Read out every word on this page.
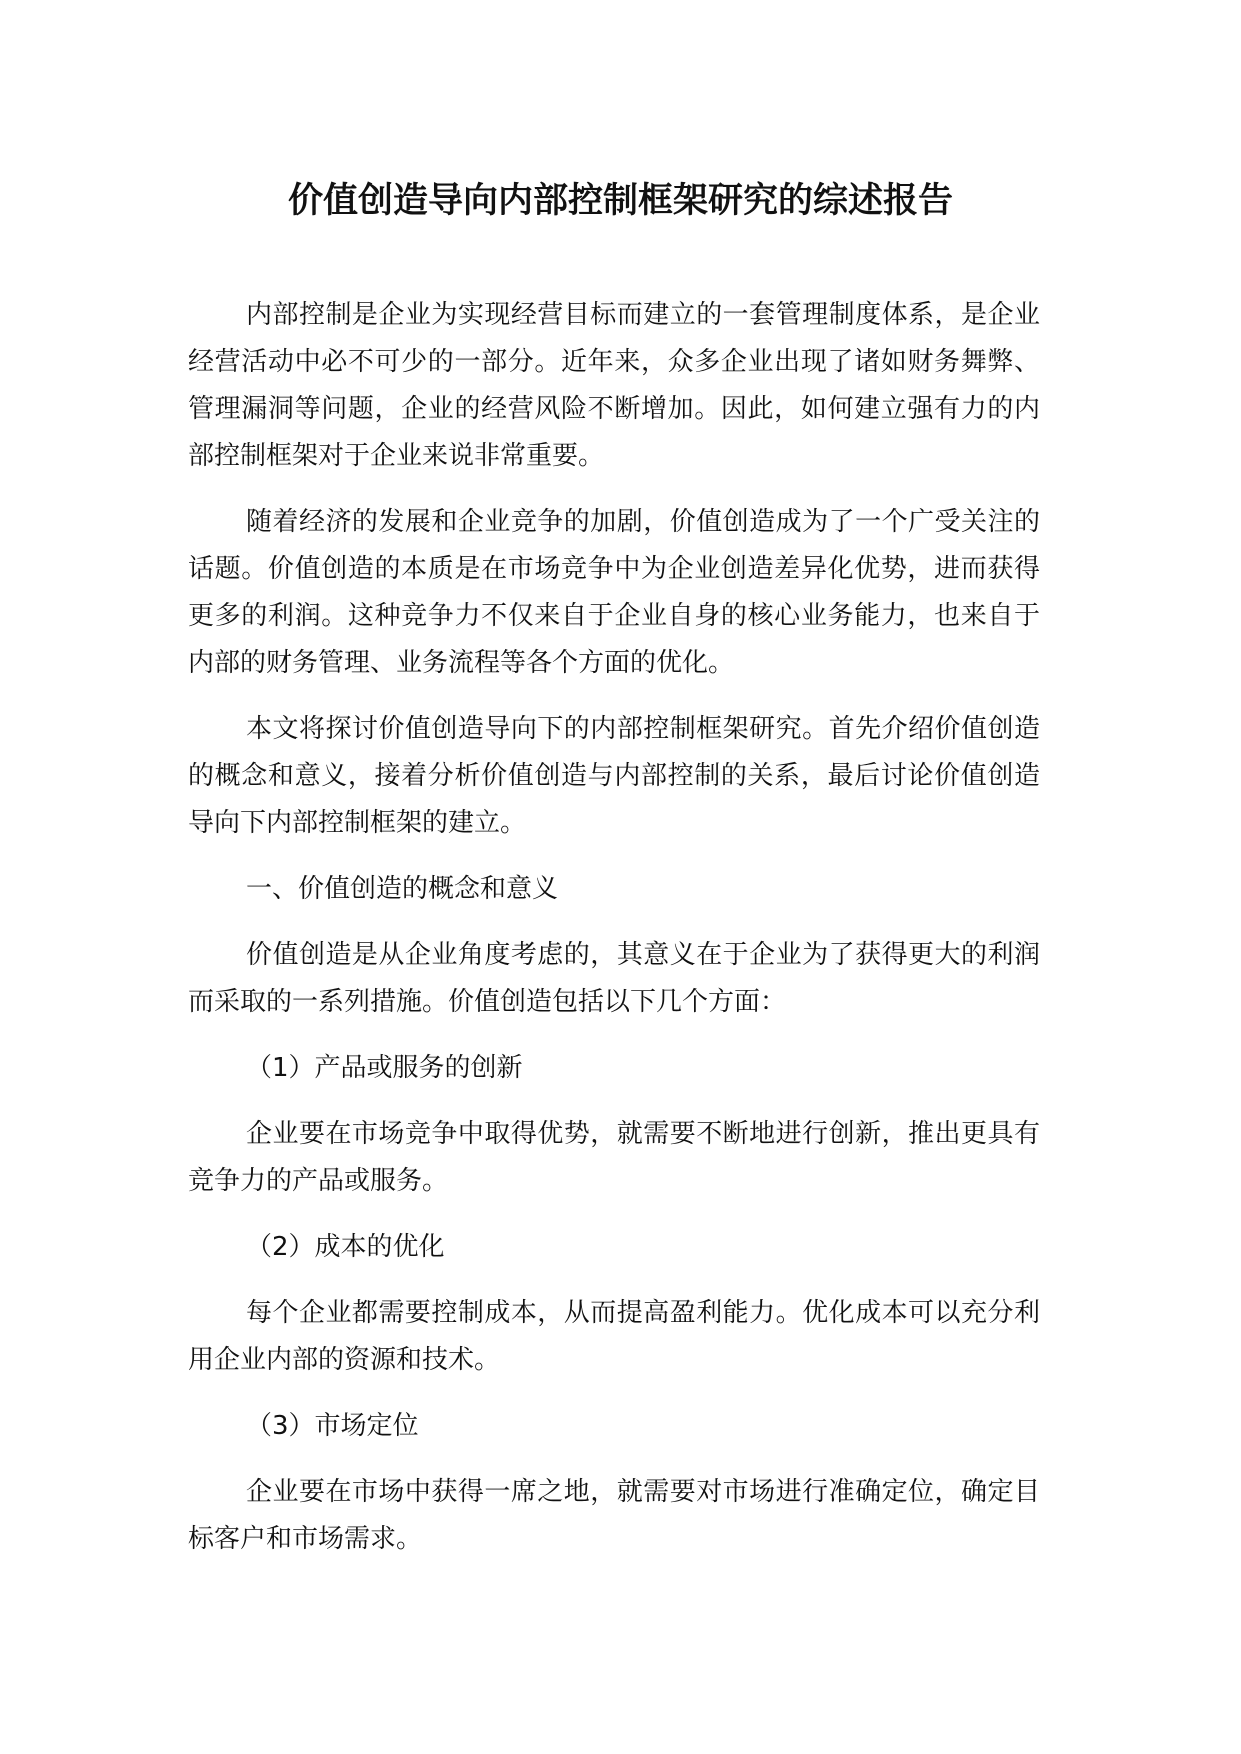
价值创造导向内部控制框架研究的综述报告

内部控制是企业为实现经营目标而建立的一套管理制度体系，是企业经营活动中必不可少的一部分。近年来，众多企业出现了诸如财务舞弊、管理漏洞等问题，企业的经营风险不断增加。因此，如何建立强有力的内部控制框架对于企业来说非常重要。

随着经济的发展和企业竞争的加剧，价值创造成为了一个广受关注的话题。价值创造的本质是在市场竞争中为企业创造差异化优势，进而获得更多的利润。这种竞争力不仅来自于企业自身的核心业务能力，也来自于内部的财务管理、业务流程等各个方面的优化。

本文将探讨价值创造导向下的内部控制框架研究。首先介绍价值创造的概念和意义，接着分析价值创造与内部控制的关系，最后讨论价值创造导向下内部控制框架的建立。

一、价值创造的概念和意义

价值创造是从企业角度考虑的，其意义在于企业为了获得更大的利润而采取的一系列措施。价值创造包括以下几个方面：

（1）产品或服务的创新

企业要在市场竞争中取得优势，就需要不断地进行创新，推出更具有竞争力的产品或服务。

（2）成本的优化

每个企业都需要控制成本，从而提高盈利能力。优化成本可以充分利用企业内部的资源和技术。

（3）市场定位

企业要在市场中获得一席之地，就需要对市场进行准确定位，确定目标客户和市场需求。
